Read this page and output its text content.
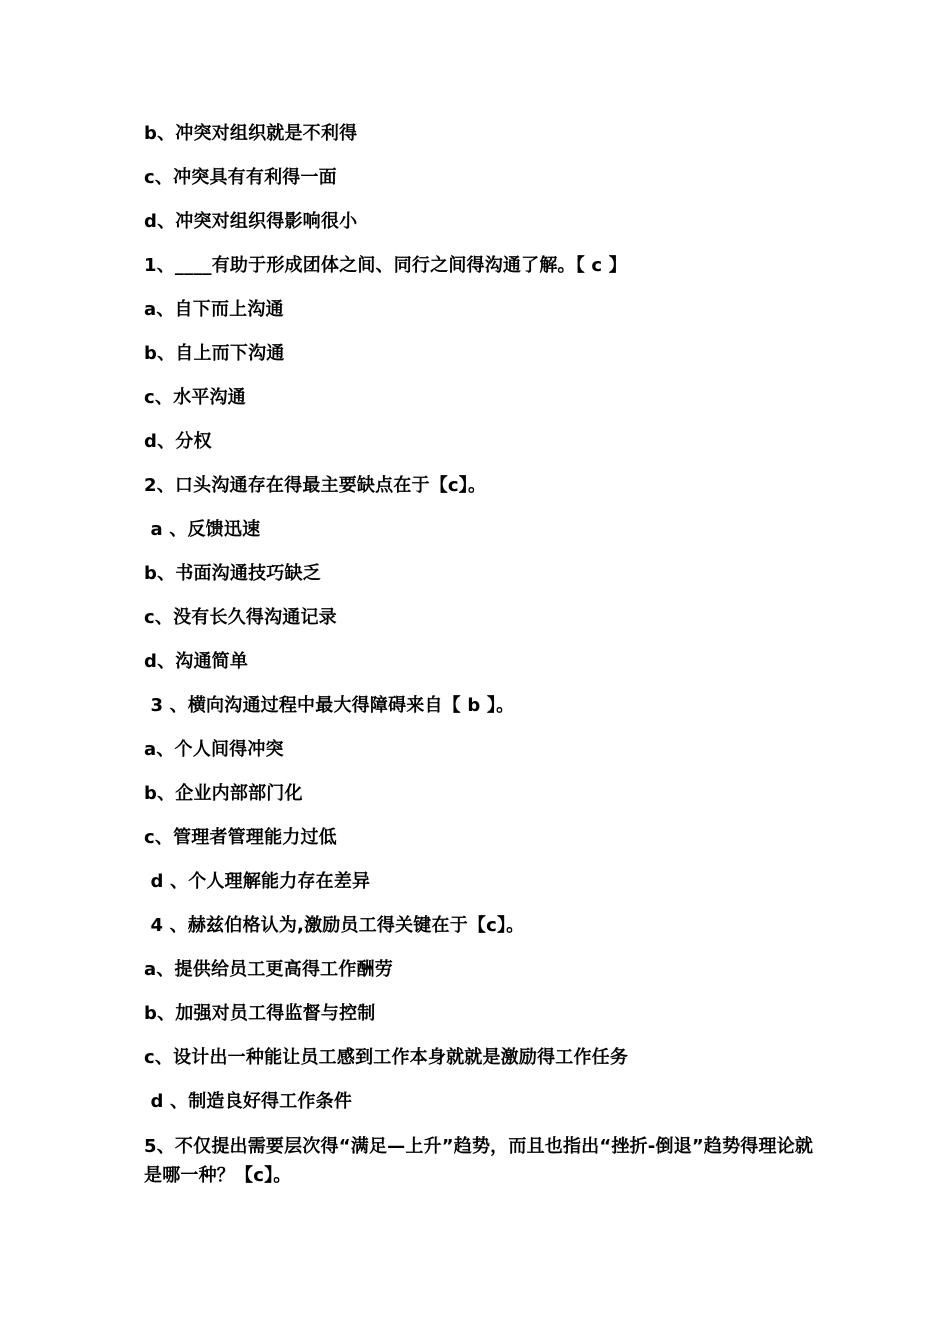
b、冲突对组织就是不利得
c、冲突具有有利得一面
d、冲突对组织得影响很小
1、____有助于形成团体之间、同行之间得沟通了解。【 c 】
a、自下而上沟通
b、自上而下沟通
c、水平沟通
d、分权
2、口头沟通存在得最主要缺点在于【c】。
a 、反馈迅速
b、书面沟通技巧缺乏
c、没有长久得沟通记录
d、沟通简单
3 、横向沟通过程中最大得障碍来自【 b 】。
a、个人间得冲突
b、企业内部部门化
c、管理者管理能力过低
d 、个人理解能力存在差异
4 、赫兹伯格认为,激励员工得关键在于【c】。
a、提供给员工更高得工作酬劳
b、加强对员工得监督与控制
c、设计出一种能让员工感到工作本身就就是激励得工作任务
d 、制造良好得工作条件
5、不仅提出需要层次得“满足—上升”趋势，而且也指出“挫折-倒退”趋势得理论就是哪一种？【c】。
